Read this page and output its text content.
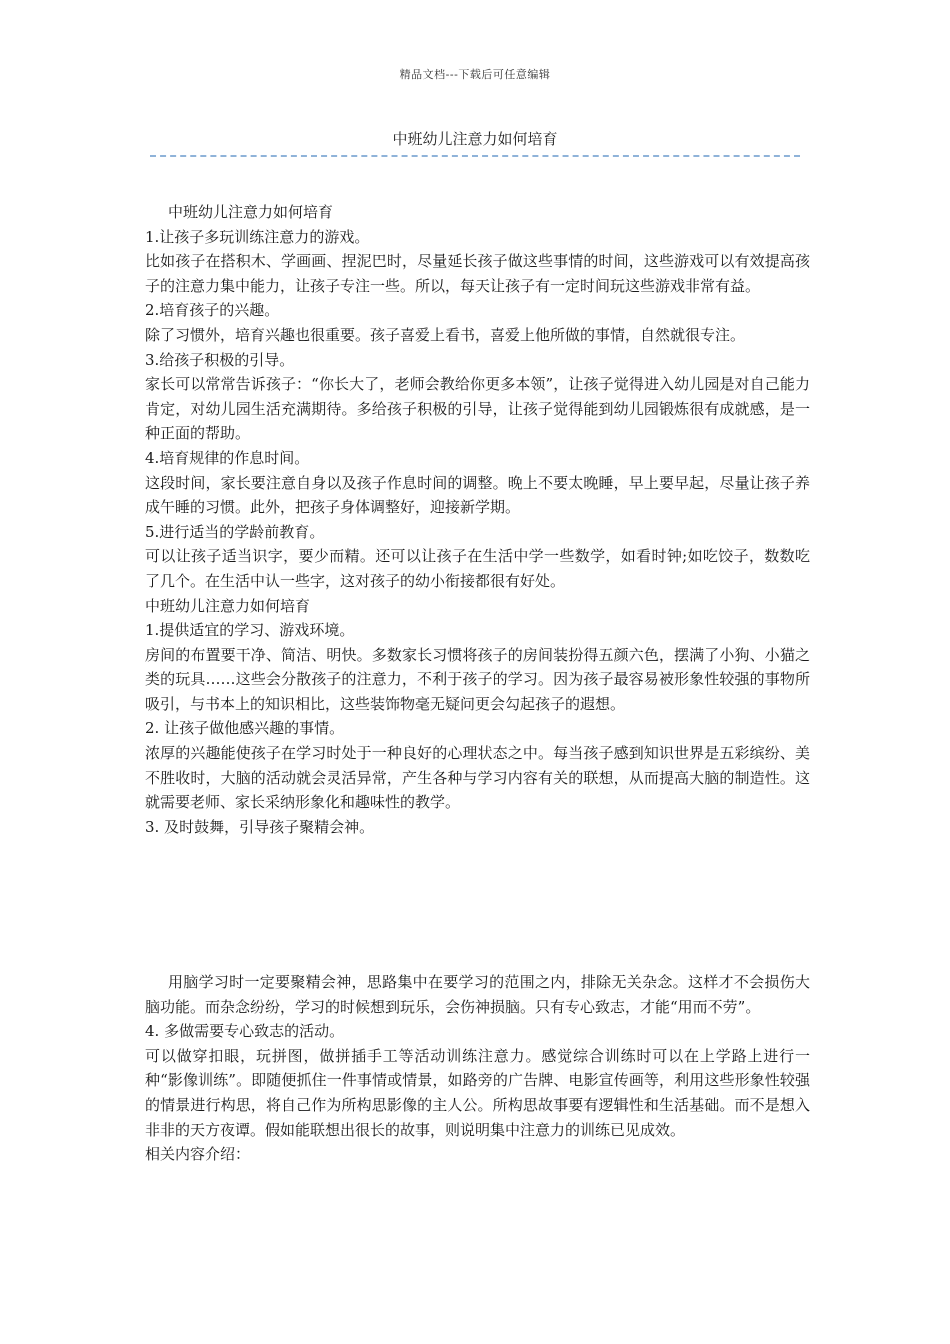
精品文档---下载后可任意编辑
中班幼儿注意力如何培育

中班幼儿注意力如何培育

1.让孩子多玩训练注意力的游戏。

比如孩子在搭积木、学画画、捏泥巴时，尽量延长孩子做这些事情的时间，这些游戏可以有效提高孩子的注意力集中能力，让孩子专注一些。所以，每天让孩子有一定时间玩这些游戏非常有益。

2.培育孩子的兴趣。

除了习惯外，培育兴趣也很重要。孩子喜爱上看书，喜爱上他所做的事情，自然就很专注。

3.给孩子积极的引导。

家长可以常常告诉孩子：“你长大了，老师会教给你更多本领”，让孩子觉得进入幼儿园是对自己能力肯定，对幼儿园生活充满期待。多给孩子积极的引导，让孩子觉得能到幼儿园锻炼很有成就感，是一种正面的帮助。

4.培育规律的作息时间。

这段时间，家长要注意自身以及孩子作息时间的调整。晚上不要太晚睡，早上要早起，尽量让孩子养成午睡的习惯。此外，把孩子身体调整好，迎接新学期。

5.进行适当的学龄前教育。

可以让孩子适当识字，要少而精。还可以让孩子在生活中学一些数学，如看时钟;如吃饺子，数数吃了几个。在生活中认一些字，这对孩子的幼小衔接都很有好处。

中班幼儿注意力如何培育

1.提供适宜的学习、游戏环境。

房间的布置要干净、简洁、明快。多数家长习惯将孩子的房间装扮得五颜六色，摆满了小狗、小猫之类的玩具……这些会分散孩子的注意力，不利于孩子的学习。因为孩子最容易被形象性较强的事物所吸引，与书本上的知识相比，这些装饰物毫无疑问更会勾起孩子的遐想。

2. 让孩子做他感兴趣的事情。

浓厚的兴趣能使孩子在学习时处于一种良好的心理状态之中。每当孩子感到知识世界是五彩缤纷、美不胜收时，大脑的活动就会灵活异常，产生各种与学习内容有关的联想，从而提高大脑的制造性。这就需要老师、家长采纳形象化和趣味性的教学。

3. 及时鼓舞，引导孩子聚精会神。

用脑学习时一定要聚精会神，思路集中在要学习的范围之内，排除无关杂念。这样才不会损伤大脑功能。而杂念纷纷，学习的时候想到玩乐，会伤神损脑。只有专心致志，才能“用而不劳”。

4. 多做需要专心致志的活动。

可以做穿扣眼，玩拼图，做拼插手工等活动训练注意力。感觉综合训练时可以在上学路上进行一种“影像训练”。即随便抓住一件事情或情景，如路旁的广告牌、电影宣传画等，利用这些形象性较强的情景进行构思，将自己作为所构思影像的主人公。所构思故事要有逻辑性和生活基础。而不是想入非非的天方夜谭。假如能联想出很长的故事，则说明集中注意力的训练已见成效。

相关内容介绍：
